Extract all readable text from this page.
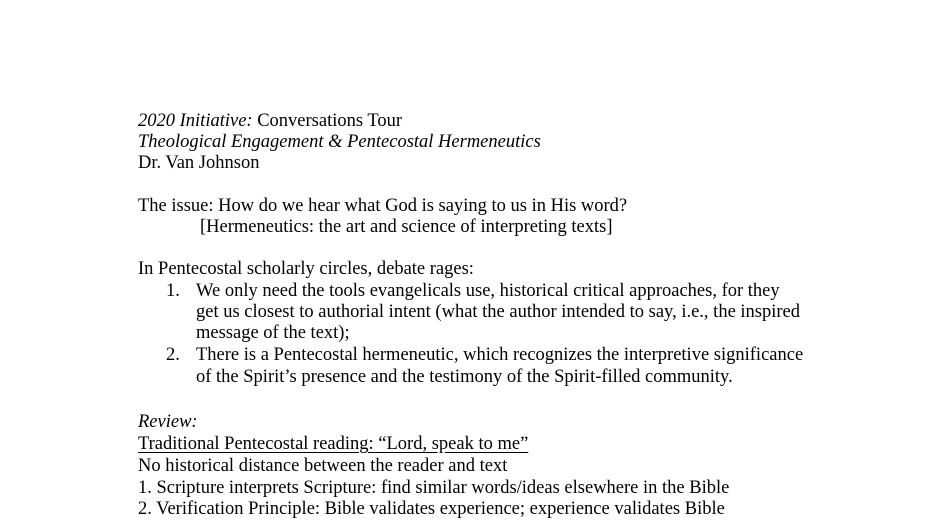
2020 Initiative: Conversations Tour

Theological Engagement & Pentecostal Hermeneutics

Dr. Van Johnson

The issue: How do we hear what God is saying to us in His word?

[Hermeneutics: the art and science of interpreting texts]

In Pentecostal scholarly circles, debate rages:

1. We only need the tools evangelicals use, historical critical approaches, for they
get us closest to authorial intent (what the author intended to say, i.e., the inspired
message of the text);
2. There is a Pentecostal hermeneutic, which recognizes the interpretive significance
of the Spirit’s presence and the testimony of the Spirit-filled community.

Review:

Traditional Pentecostal reading: “Lord, speak to me”

No historical distance between the reader and text

1. Scripture interprets Scripture: find similar words/ideas elsewhere in the Bible

2. Verification Principle: Bible validates experience; experience validates Bible
